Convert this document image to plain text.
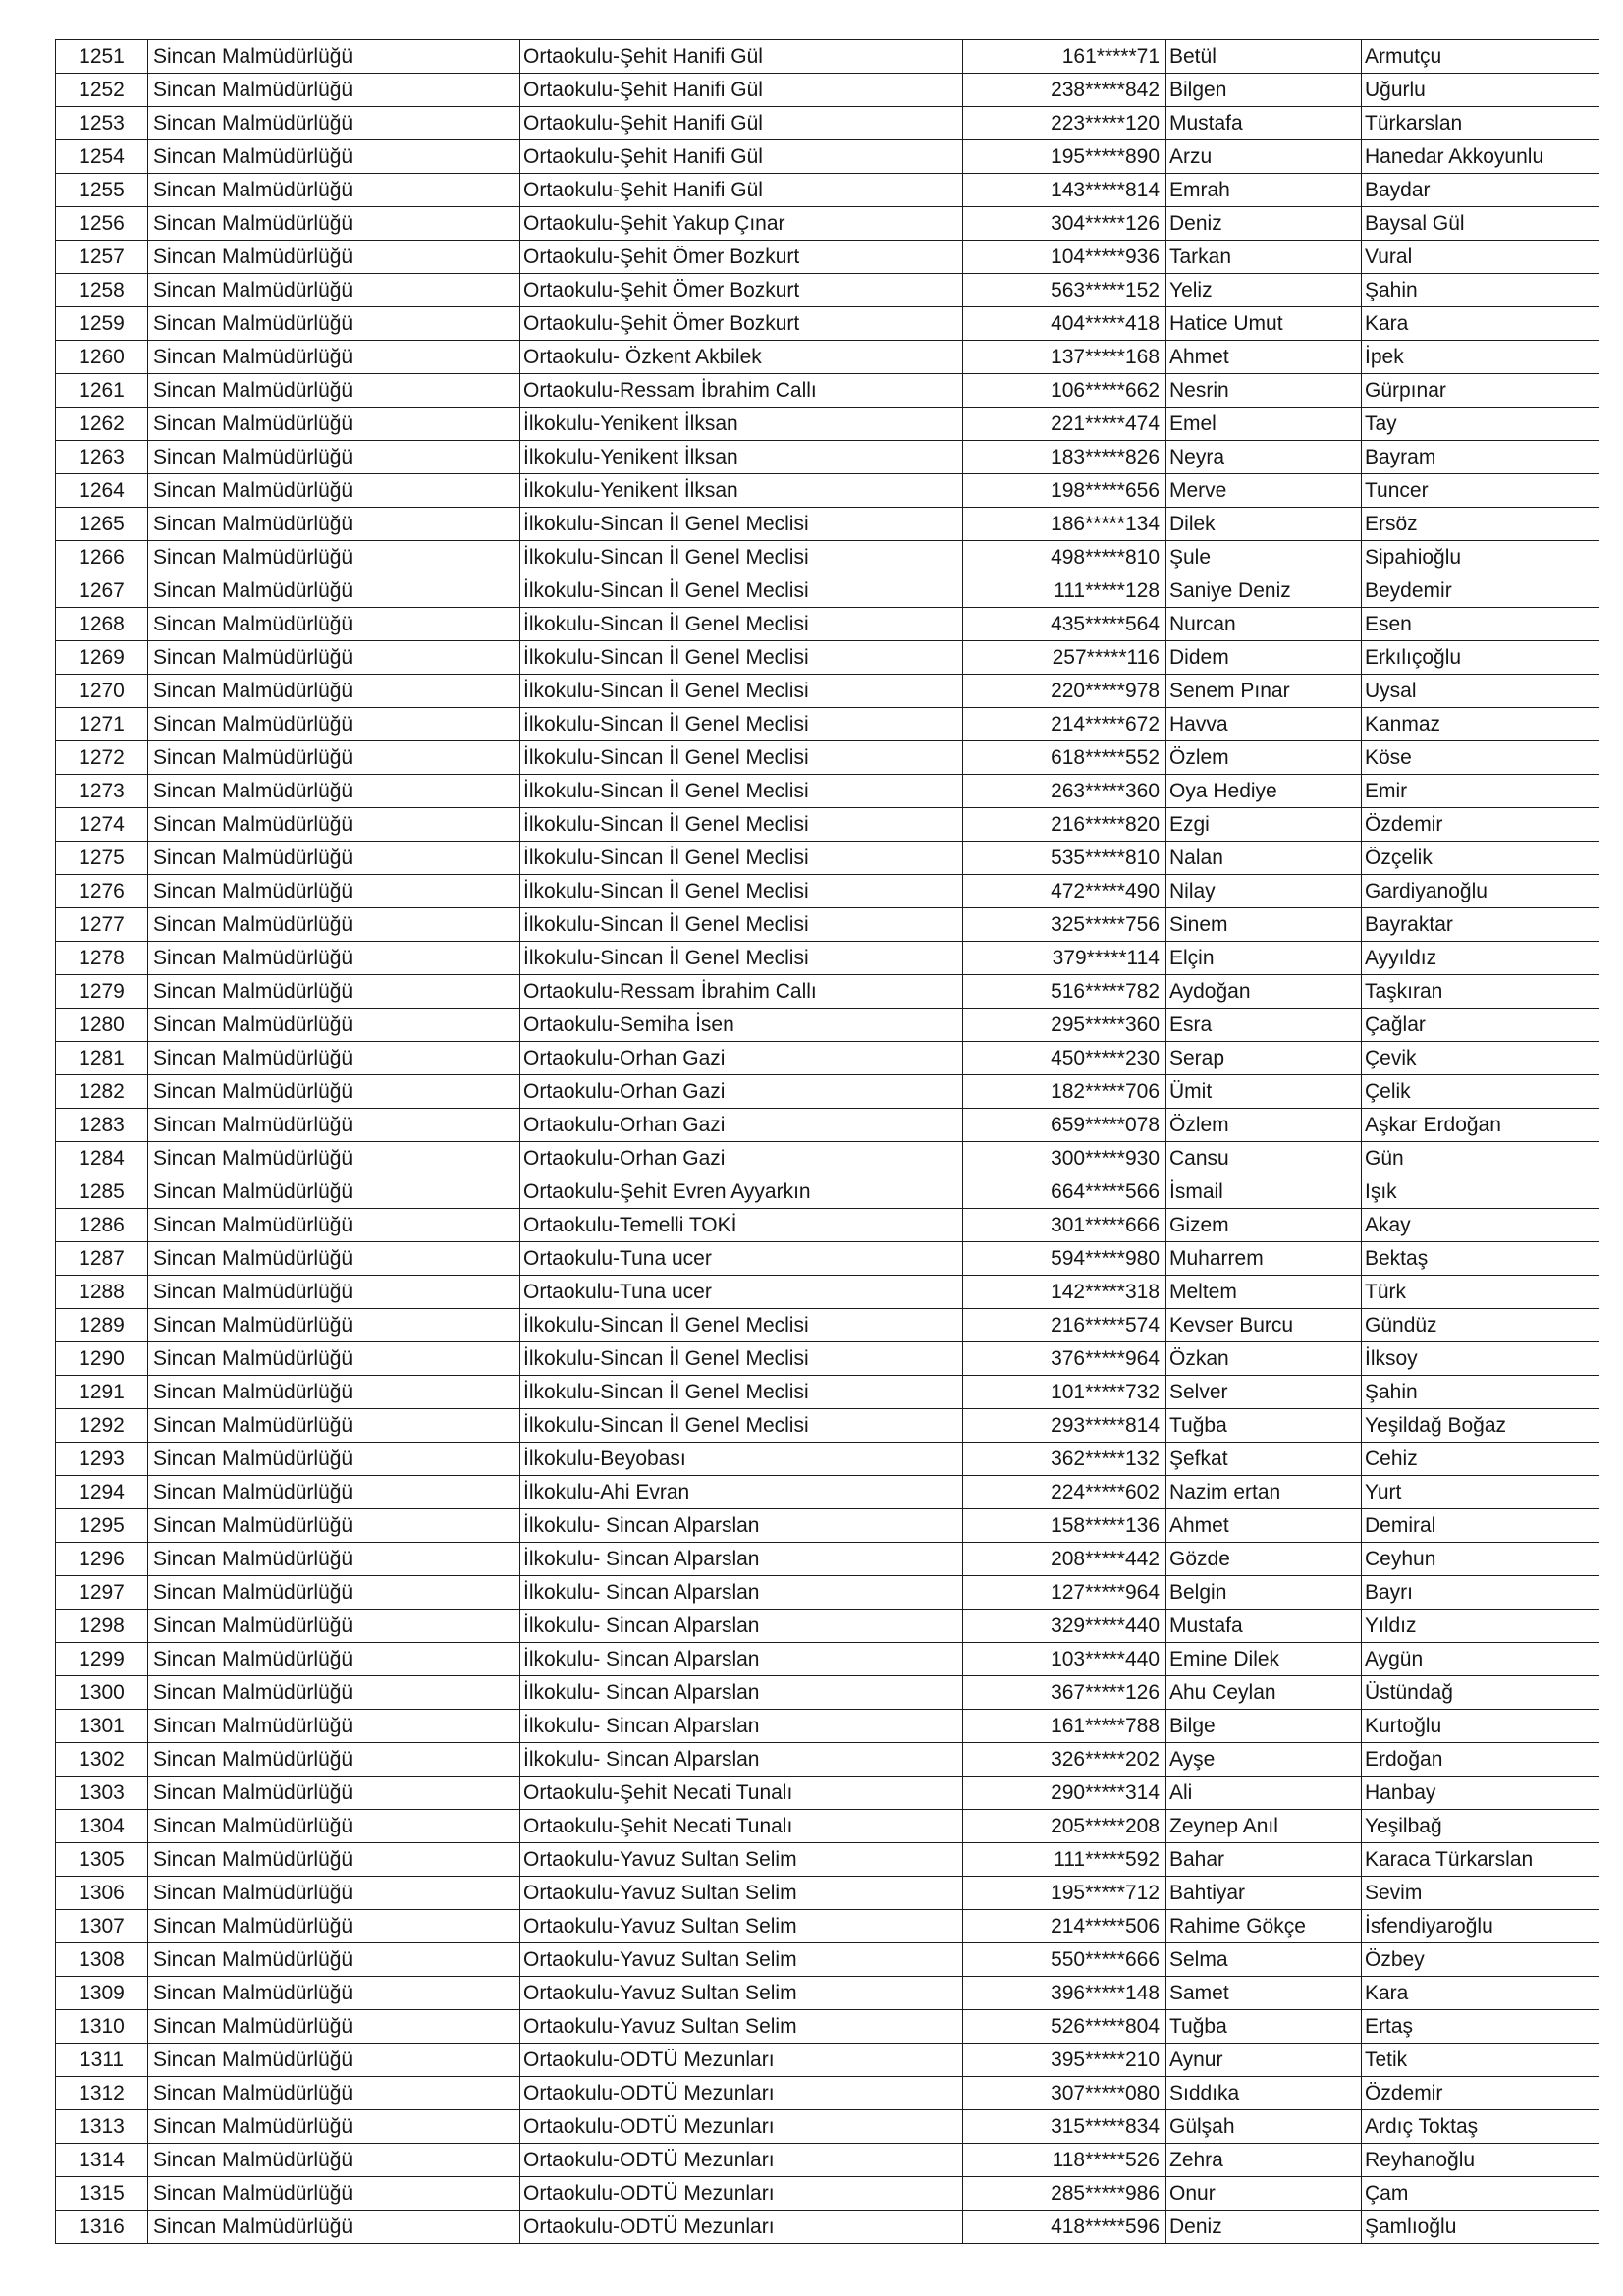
1251	Sincan Malmüdürlüğü	Ortaokulu-Şehit Hanifi Gül	161*****71	Betül	Armutçu
1252	Sincan Malmüdürlüğü	Ortaokulu-Şehit Hanifi Gül	238*****842	Bilgen	Uğurlu
1253	Sincan Malmüdürlüğü	Ortaokulu-Şehit Hanifi Gül	223*****120	Mustafa	Türkarslan
1254	Sincan Malmüdürlüğü	Ortaokulu-Şehit Hanifi Gül	195*****890	Arzu	Hanedar Akkoyunlu
1255	Sincan Malmüdürlüğü	Ortaokulu-Şehit Hanifi Gül	143*****814	Emrah	Baydar
1256	Sincan Malmüdürlüğü	Ortaokulu-Şehit Yakup Çınar	304*****126	Deniz	Baysal Gül
1257	Sincan Malmüdürlüğü	Ortaokulu-Şehit Ömer Bozkurt	104*****936	Tarkan	Vural
1258	Sincan Malmüdürlüğü	Ortaokulu-Şehit Ömer Bozkurt	563*****152	Yeliz	Şahin
1259	Sincan Malmüdürlüğü	Ortaokulu-Şehit Ömer Bozkurt	404*****418	Hatice Umut	Kara
1260	Sincan Malmüdürlüğü	Ortaokulu- Özkent Akbilek	137*****168	Ahmet	İpek
1261	Sincan Malmüdürlüğü	Ortaokulu-Ressam İbrahim Callı	106*****662	Nesrin	Gürpınar
1262	Sincan Malmüdürlüğü	İlkokulu-Yenikent İlksan	221*****474	Emel	Tay
1263	Sincan Malmüdürlüğü	İlkokulu-Yenikent İlksan	183*****826	Neyra	Bayram
1264	Sincan Malmüdürlüğü	İlkokulu-Yenikent İlksan	198*****656	Merve	Tuncer
1265	Sincan Malmüdürlüğü	İlkokulu-Sincan İl Genel Meclisi	186*****134	Dilek	Ersöz
1266	Sincan Malmüdürlüğü	İlkokulu-Sincan İl Genel Meclisi	498*****810	Şule	Sipahioğlu
1267	Sincan Malmüdürlüğü	İlkokulu-Sincan İl Genel Meclisi	111*****128	Saniye Deniz	Beydemir
1268	Sincan Malmüdürlüğü	İlkokulu-Sincan İl Genel Meclisi	435*****564	Nurcan	Esen
1269	Sincan Malmüdürlüğü	İlkokulu-Sincan İl Genel Meclisi	257*****116	Didem	Erkılıçoğlu
1270	Sincan Malmüdürlüğü	İlkokulu-Sincan İl Genel Meclisi	220*****978	Senem Pınar	Uysal
1271	Sincan Malmüdürlüğü	İlkokulu-Sincan İl Genel Meclisi	214*****672	Havva	Kanmaz
1272	Sincan Malmüdürlüğü	İlkokulu-Sincan İl Genel Meclisi	618*****552	Özlem	Köse
1273	Sincan Malmüdürlüğü	İlkokulu-Sincan İl Genel Meclisi	263*****360	Oya Hediye	Emir
1274	Sincan Malmüdürlüğü	İlkokulu-Sincan İl Genel Meclisi	216*****820	Ezgi	Özdemir
1275	Sincan Malmüdürlüğü	İlkokulu-Sincan İl Genel Meclisi	535*****810	Nalan	Özçelik
1276	Sincan Malmüdürlüğü	İlkokulu-Sincan İl Genel Meclisi	472*****490	Nilay	Gardiyanoğlu
1277	Sincan Malmüdürlüğü	İlkokulu-Sincan İl Genel Meclisi	325*****756	Sinem	Bayraktar
1278	Sincan Malmüdürlüğü	İlkokulu-Sincan İl Genel Meclisi	379*****114	Elçin	Ayyıldız
1279	Sincan Malmüdürlüğü	Ortaokulu-Ressam İbrahim Callı	516*****782	Aydoğan	Taşkıran
1280	Sincan Malmüdürlüğü	Ortaokulu-Semiha İsen	295*****360	Esra	Çağlar
1281	Sincan Malmüdürlüğü	Ortaokulu-Orhan Gazi	450*****230	Serap	Çevik
1282	Sincan Malmüdürlüğü	Ortaokulu-Orhan Gazi	182*****706	Ümit	Çelik
1283	Sincan Malmüdürlüğü	Ortaokulu-Orhan Gazi	659*****078	Özlem	Aşkar Erdoğan
1284	Sincan Malmüdürlüğü	Ortaokulu-Orhan Gazi	300*****930	Cansu	Gün
1285	Sincan Malmüdürlüğü	Ortaokulu-Şehit Evren Ayyarkın	664*****566	İsmail	Işık
1286	Sincan Malmüdürlüğü	Ortaokulu-Temelli TOKİ	301*****666	Gizem	Akay
1287	Sincan Malmüdürlüğü	Ortaokulu-Tuna ucer	594*****980	Muharrem	Bektaş
1288	Sincan Malmüdürlüğü	Ortaokulu-Tuna ucer	142*****318	Meltem	Türk
1289	Sincan Malmüdürlüğü	İlkokulu-Sincan İl Genel Meclisi	216*****574	Kevser Burcu	Gündüz
1290	Sincan Malmüdürlüğü	İlkokulu-Sincan İl Genel Meclisi	376*****964	Özkan	İlksoy
1291	Sincan Malmüdürlüğü	İlkokulu-Sincan İl Genel Meclisi	101*****732	Selver	Şahin
1292	Sincan Malmüdürlüğü	İlkokulu-Sincan İl Genel Meclisi	293*****814	Tuğba	Yeşildağ Boğaz
1293	Sincan Malmüdürlüğü	İlkokulu-Beyobası	362*****132	Şefkat	Cehiz
1294	Sincan Malmüdürlüğü	İlkokulu-Ahi Evran	224*****602	Nazim ertan	Yurt
1295	Sincan Malmüdürlüğü	İlkokulu- Sincan Alparslan	158*****136	Ahmet	Demiral
1296	Sincan Malmüdürlüğü	İlkokulu- Sincan Alparslan	208*****442	Gözde	Ceyhun
1297	Sincan Malmüdürlüğü	İlkokulu- Sincan Alparslan	127*****964	Belgin	Bayrı
1298	Sincan Malmüdürlüğü	İlkokulu- Sincan Alparslan	329*****440	Mustafa	Yıldız
1299	Sincan Malmüdürlüğü	İlkokulu- Sincan Alparslan	103*****440	Emine Dilek	Aygün
1300	Sincan Malmüdürlüğü	İlkokulu- Sincan Alparslan	367*****126	Ahu Ceylan	Üstündağ
1301	Sincan Malmüdürlüğü	İlkokulu- Sincan Alparslan	161*****788	Bilge	Kurtoğlu
1302	Sincan Malmüdürlüğü	İlkokulu- Sincan Alparslan	326*****202	Ayşe	Erdoğan
1303	Sincan Malmüdürlüğü	Ortaokulu-Şehit Necati Tunalı	290*****314	Ali	Hanbay
1304	Sincan Malmüdürlüğü	Ortaokulu-Şehit Necati Tunalı	205*****208	Zeynep Anıl	Yeşilbağ
1305	Sincan Malmüdürlüğü	Ortaokulu-Yavuz Sultan Selim	111*****592	Bahar	Karaca Türkarslan
1306	Sincan Malmüdürlüğü	Ortaokulu-Yavuz Sultan Selim	195*****712	Bahtiyar	Sevim
1307	Sincan Malmüdürlüğü	Ortaokulu-Yavuz Sultan Selim	214*****506	Rahime Gökçe	İsfendiyaroğlu
1308	Sincan Malmüdürlüğü	Ortaokulu-Yavuz Sultan Selim	550*****666	Selma	Özbey
1309	Sincan Malmüdürlüğü	Ortaokulu-Yavuz Sultan Selim	396*****148	Samet	Kara
1310	Sincan Malmüdürlüğü	Ortaokulu-Yavuz Sultan Selim	526*****804	Tuğba	Ertaş
1311	Sincan Malmüdürlüğü	Ortaokulu-ODTÜ Mezunları	395*****210	Aynur	Tetik
1312	Sincan Malmüdürlüğü	Ortaokulu-ODTÜ Mezunları	307*****080	Sıddıka	Özdemir
1313	Sincan Malmüdürlüğü	Ortaokulu-ODTÜ Mezunları	315*****834	Gülşah	Ardıç Toktaş
1314	Sincan Malmüdürlüğü	Ortaokulu-ODTÜ Mezunları	118*****526	Zehra	Reyhanoğlu
1315	Sincan Malmüdürlüğü	Ortaokulu-ODTÜ Mezunları	285*****986	Onur	Çam
1316	Sincan Malmüdürlüğü	Ortaokulu-ODTÜ Mezunları	418*****596	Deniz	Şamlıoğlu
